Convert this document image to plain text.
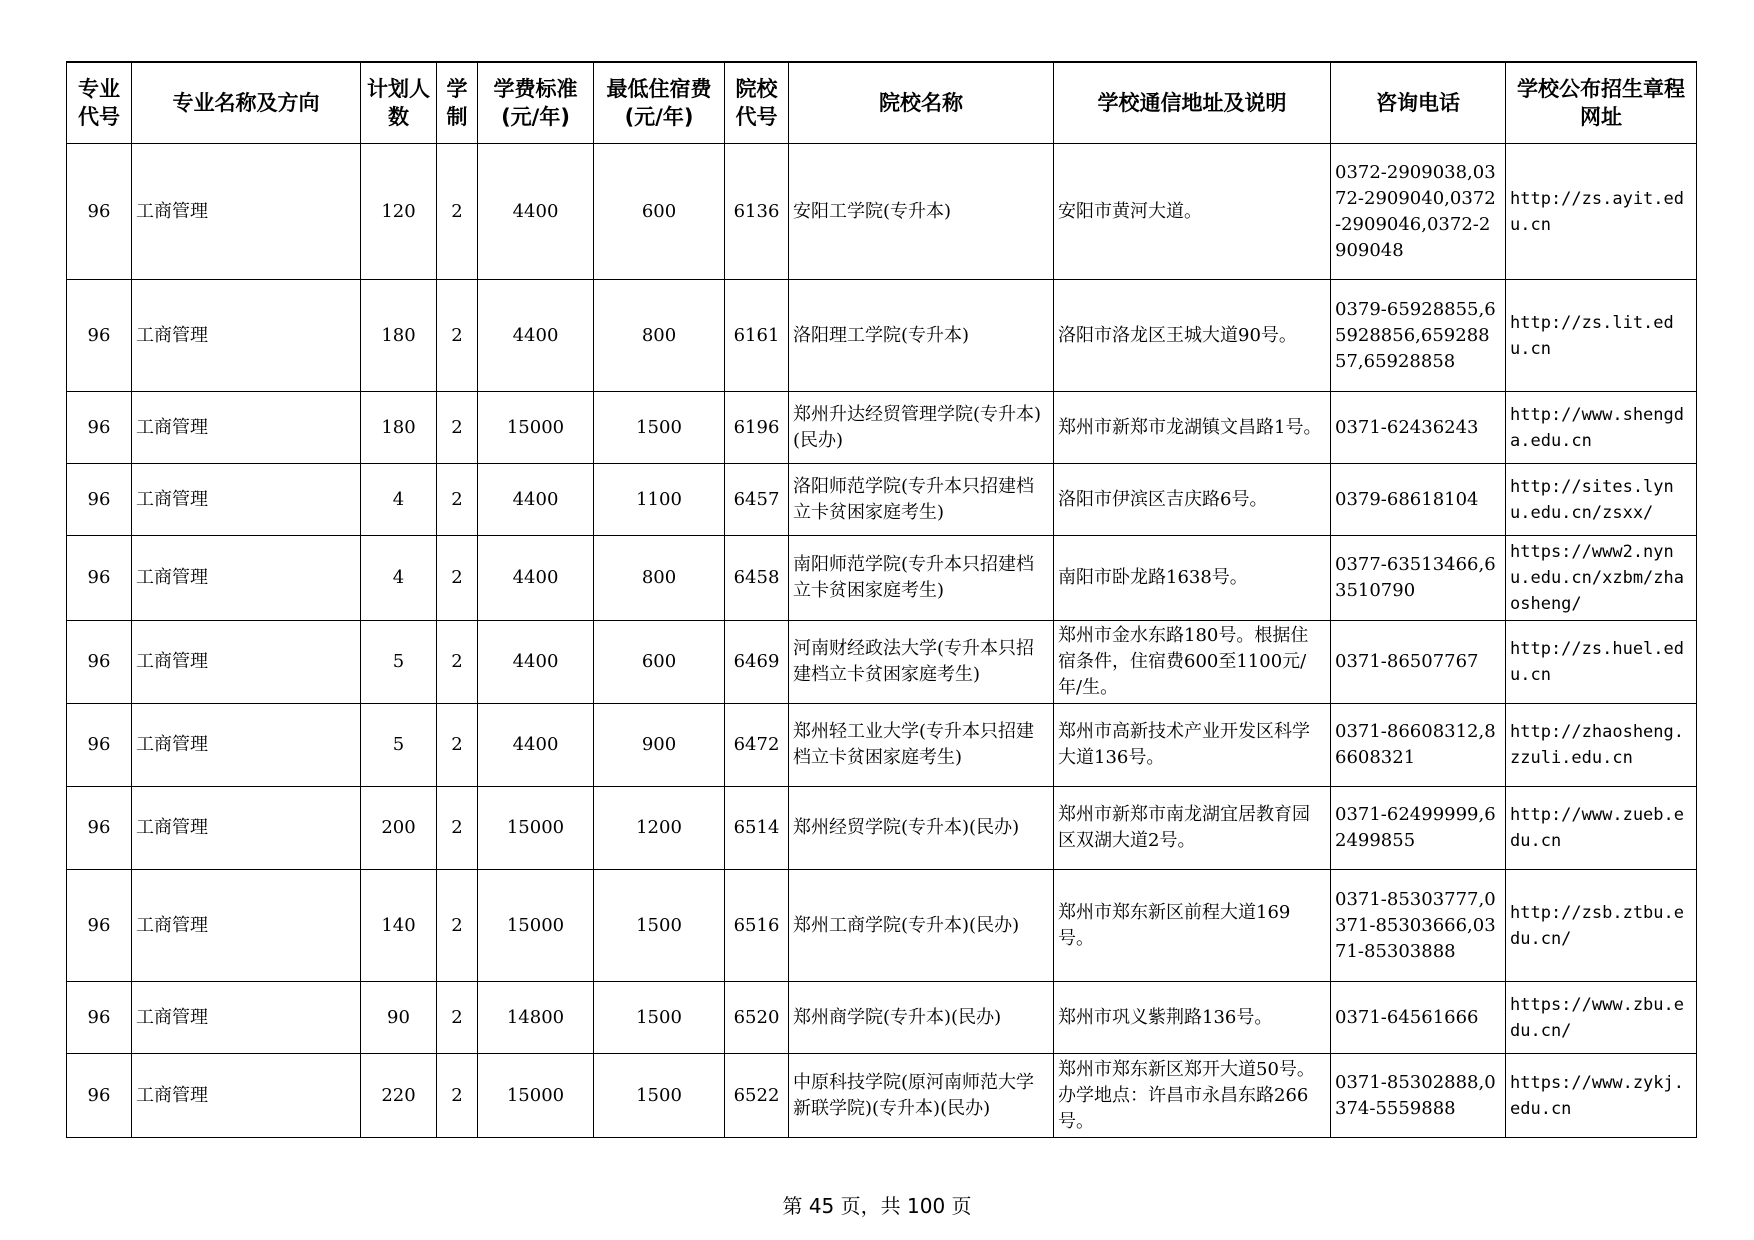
专业代号	专业名称及方向	计划人数	学制	学费标准(元/年)	最低住宿费(元/年)	院校代号	院校名称	学校通信地址及说明	咨询电话	学校公布招生章程网址
96	工商管理	120	2	4400	600	6136	安阳工学院(专升本)	安阳市黄河大道。	0372-2909038,0372-2909040,0372-2909046,0372-2909048	http://zs.ayit.edu.cn
96	工商管理	180	2	4400	800	6161	洛阳理工学院(专升本)	洛阳市洛龙区王城大道90号。	0379-65928855,65928856,65928857,65928858	http://zs.lit.edu.cn
96	工商管理	180	2	15000	1500	6196	郑州升达经贸管理学院(专升本)(民办)	郑州市新郑市龙湖镇文昌路1号。	0371-62436243	http://www.shengda.edu.cn
96	工商管理	4	2	4400	1100	6457	洛阳师范学院(专升本只招建档立卡贫困家庭考生)	洛阳市伊滨区吉庆路6号。	0379-68618104	http://sites.lynu.edu.cn/zsxx/
96	工商管理	4	2	4400	800	6458	南阳师范学院(专升本只招建档立卡贫困家庭考生)	南阳市卧龙路1638号。	0377-63513466,63510790	https://www2.nynu.edu.cn/xzbm/zhaosheng/
96	工商管理	5	2	4400	600	6469	河南财经政法大学(专升本只招建档立卡贫困家庭考生)	郑州市金水东路180号。根据住宿条件，住宿费600至1100元/年/生。	0371-86507767	http://zs.huel.edu.cn
96	工商管理	5	2	4400	900	6472	郑州轻工业大学(专升本只招建档立卡贫困家庭考生)	郑州市高新技术产业开发区科学大道136号。	0371-86608312,86608321	http://zhaosheng.zzuli.edu.cn
96	工商管理	200	2	15000	1200	6514	郑州经贸学院(专升本)(民办)	郑州市新郑市南龙湖宜居教育园区双湖大道2号。	0371-62499999,62499855	http://www.zueb.edu.cn
96	工商管理	140	2	15000	1500	6516	郑州工商学院(专升本)(民办)	郑州市郑东新区前程大道169号。	0371-85303777,0371-85303666,0371-85303888	http://zsb.ztbu.edu.cn/
96	工商管理	90	2	14800	1500	6520	郑州商学院(专升本)(民办)	郑州市巩义紫荆路136号。	0371-64561666	https://www.zbu.edu.cn/
96	工商管理	220	2	15000	1500	6522	中原科技学院(原河南师范大学新联学院)(专升本)(民办)	郑州市郑东新区郑开大道50号。办学地点：许昌市永昌东路266号。	0371-85302888,0374-5559888	https://www.zykj.edu.cn
第 45 页，共 100 页
